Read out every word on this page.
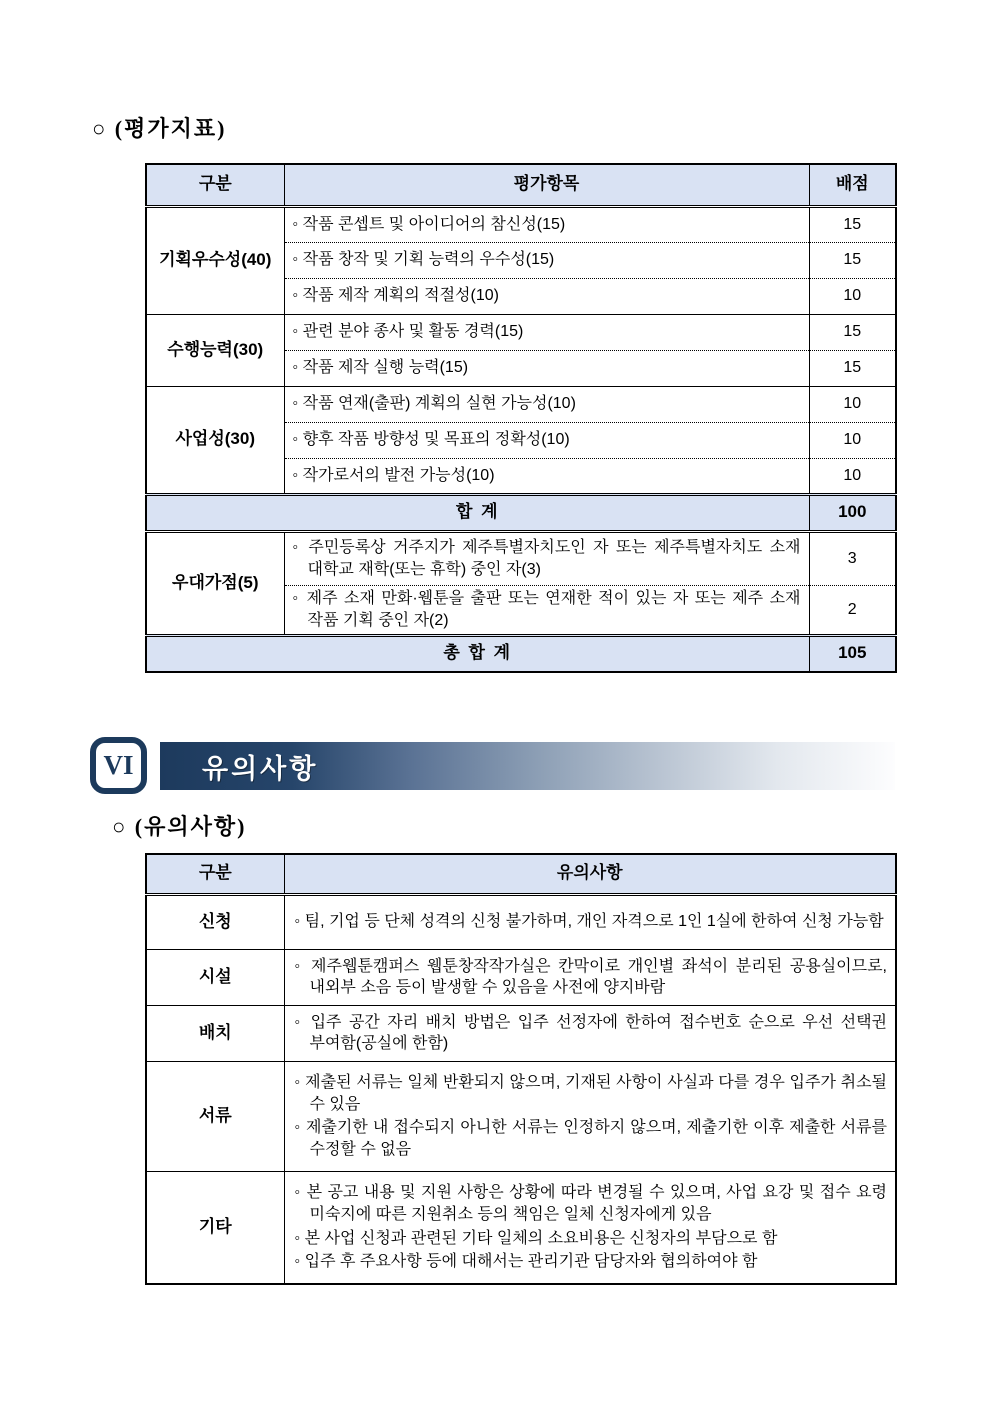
○ (평가지표)
구분	평가항목	배점
기획우수성(40)	◦ 작품 콘셉트 및 아이디어의 참신성(15)	15
	◦ 작품 창작 및 기획 능력의 우수성(15)	15
	◦ 작품 제작 계획의 적절성(10)	10
수행능력(30)	◦ 관련 분야 종사 및 활동 경력(15)	15
	◦ 작품 제작 실행 능력(15)	15
사업성(30)	◦ 작품 연재(출판) 계획의 실현 가능성(10)	10
	◦ 향후 작품 방향성 및 목표의 정확성(10)	10
	◦ 작가로서의 발전 가능성(10)	10
합 계		100
우대가점(5)	◦ 주민등록상 거주지가 제주특별자치도인 자 또는 제주특별자치도 소재 대학교 재학(또는 휴학) 중인 자(3)	3

	◦ 제주 소재 만화·웹툰을 출판 또는 연재한 적이 있는 자 또는 제주 소재 작품 기획 중인 자(2)	2
총 합 계		105
VI	유의사항
○ (유의사항)
구분	유의사항
신청	◦ 팀, 기업 등 단체 성격의 신청 불가하며, 개인 자격으로 1인 1실에 한하여 신청 가능함

시설	◦ 제주웹툰캠퍼스 웹툰창작작가실은 칸막이로 개인별 좌석이 분리된 공용실이므로, 내외부 소음 등이 발생할 수 있음을 사전에 양지바람

배치	◦ 입주 공간 자리 배치 방법은 입주 선정자에 한하여 접수번호 순으로 우선 선택권 부여함(공실에 한함)

서류	◦ 제출된 서류는 일체 반환되지 않으며, 기재된 사항이 사실과 다를 경우 입주가 취소될 수 있음
◦ 제출기한 내 접수되지 아니한 서류는 인정하지 않으며, 제출기한 이후 제출한 서류를 수정할 수 없음

기타	◦ 본 공고 내용 및 지원 사항은 상황에 따라 변경될 수 있으며, 사업 요강 및 접수 요령 미숙지에 따른 지원취소 등의 책임은 일체 신청자에게 있음
◦ 본 사업 신청과 관련된 기타 일체의 소요비용은 신청자의 부담으로 함
◦ 입주 후 주요사항 등에 대해서는 관리기관 담당자와 협의하여야 함
